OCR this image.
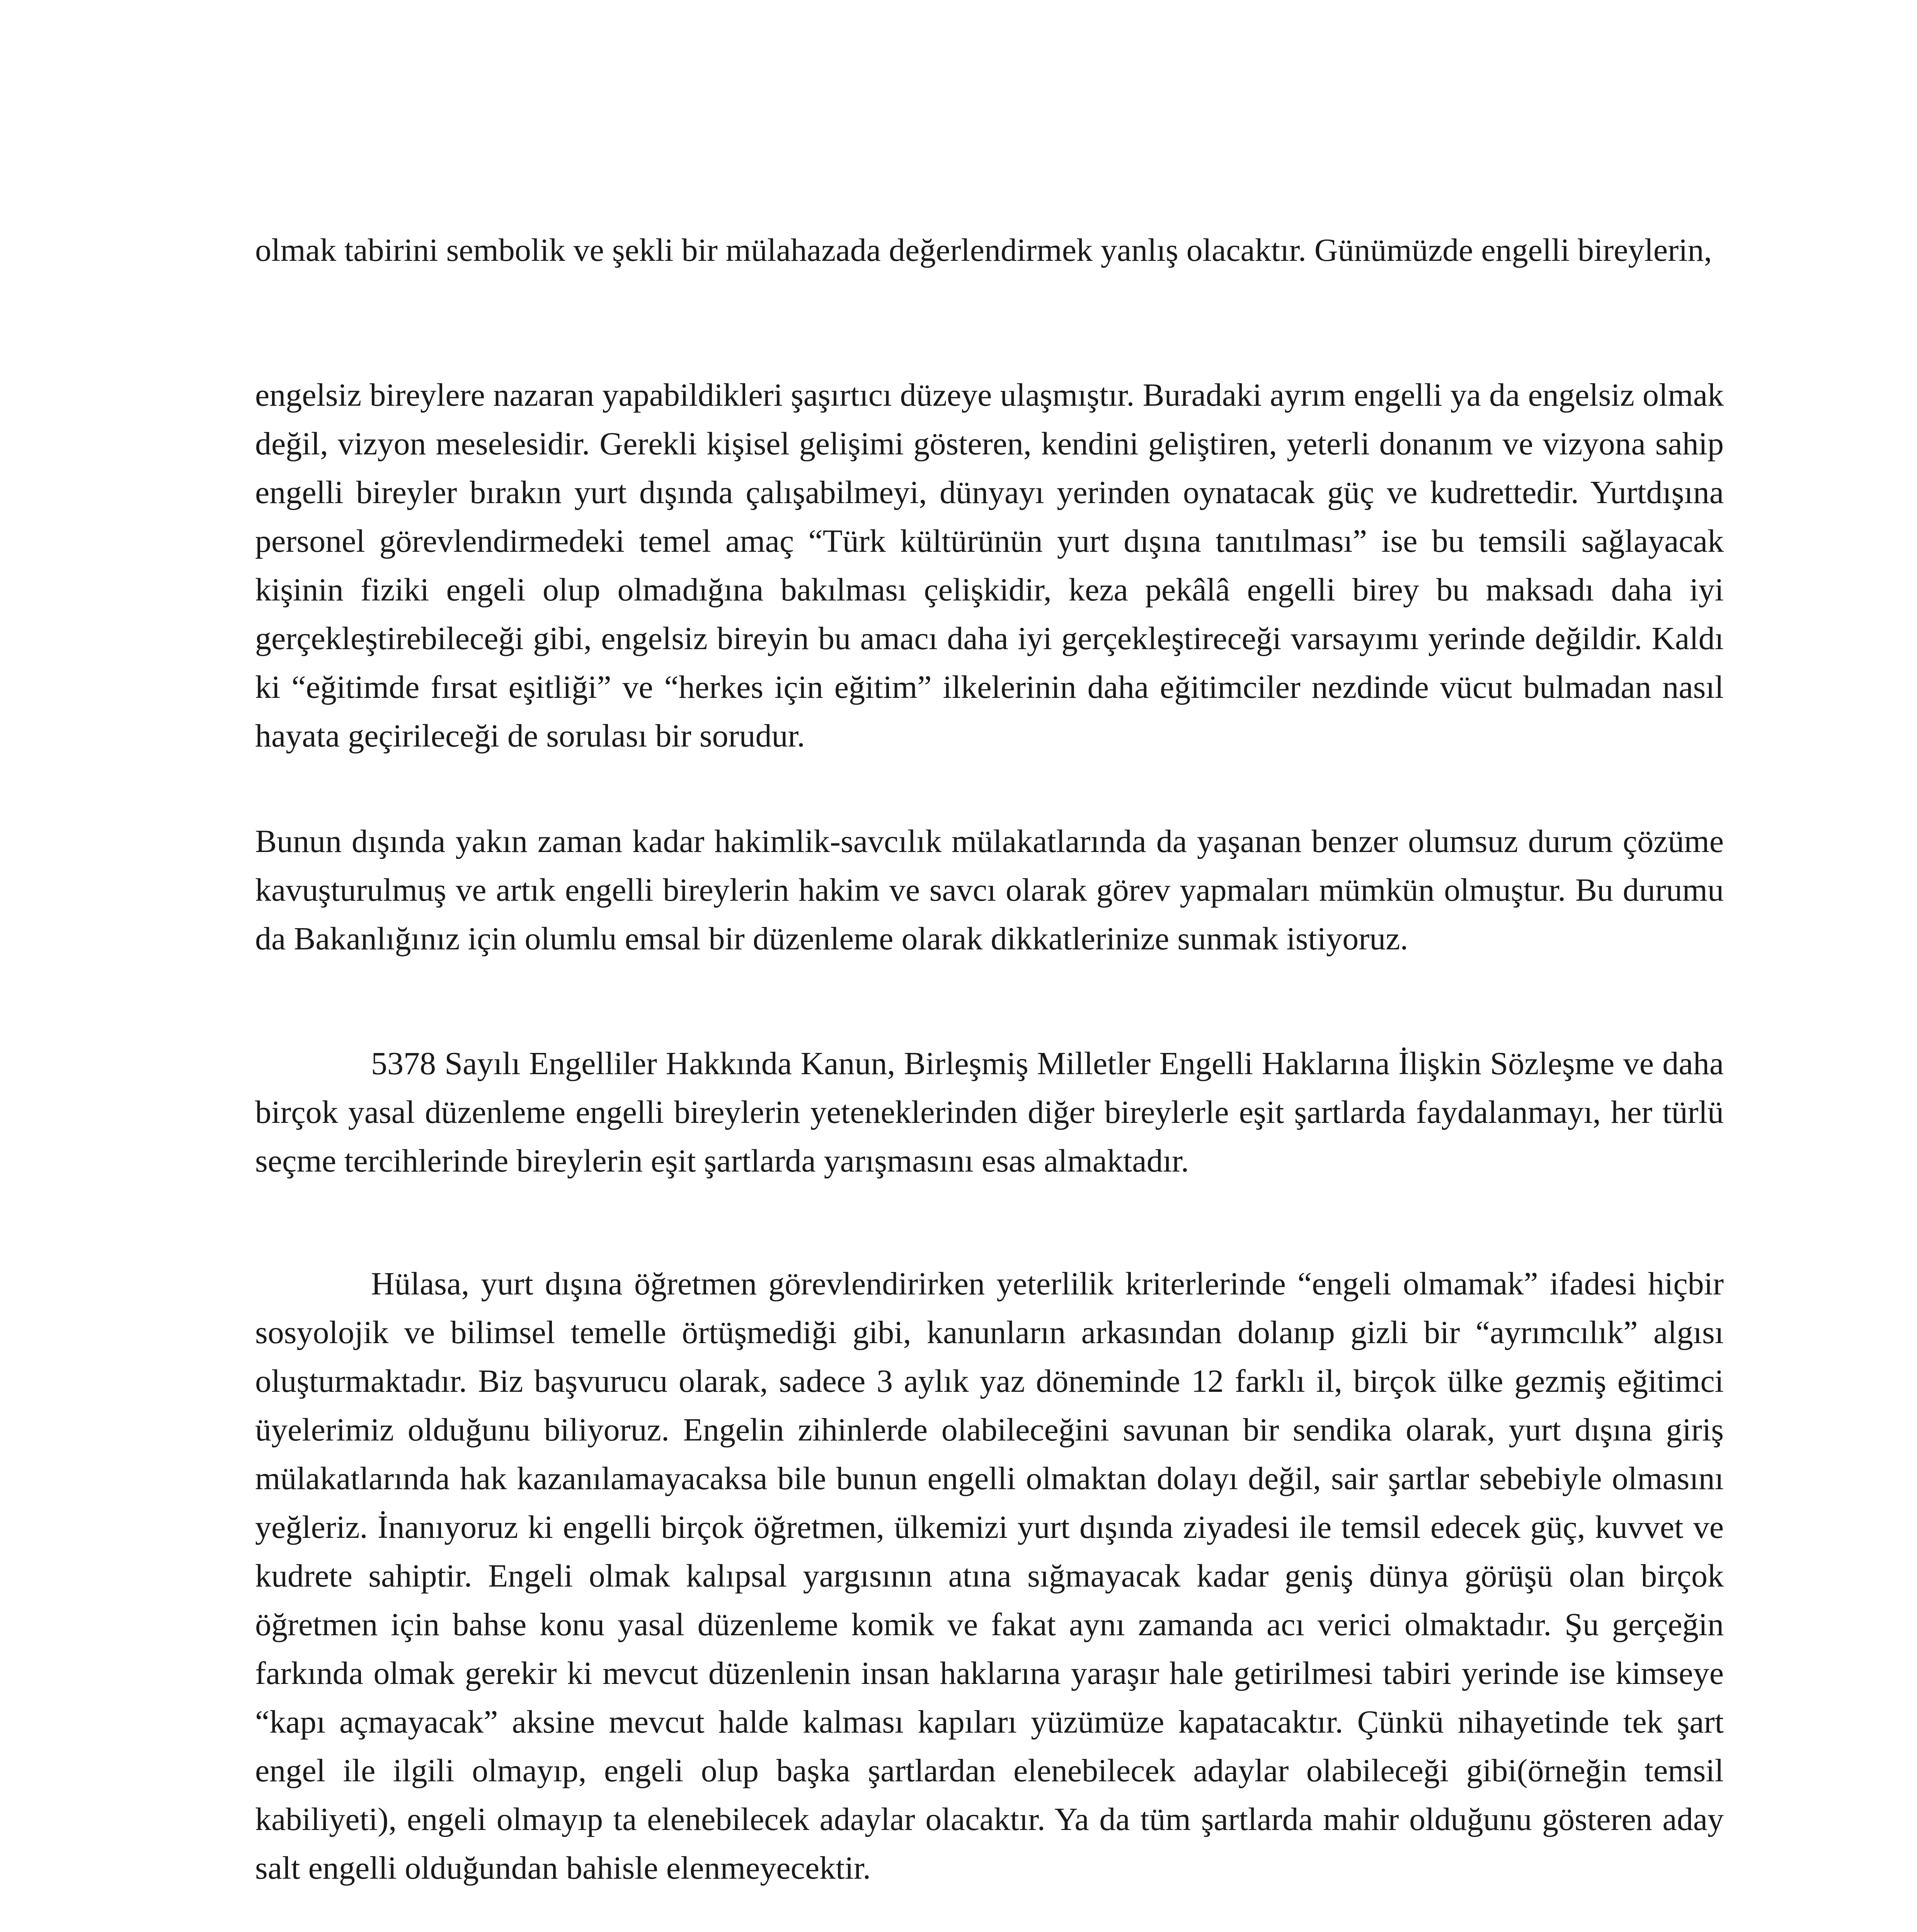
olmak tabirini sembolik ve şekli bir mülahazada değerlendirmek yanlış olacaktır. Günümüzde engelli bireylerin,

engelsiz bireylere nazaran yapabildikleri şaşırtıcı düzeye ulaşmıştır. Buradaki ayrım engelli ya da engelsiz olmak değil, vizyon meselesidir. Gerekli kişisel gelişimi gösteren, kendini geliştiren, yeterli donanım ve vizyona sahip engelli bireyler bırakın yurt dışında çalışabilmeyi, dünyayı yerinden oynatacak güç ve kudrettedir. Yurtdışına personel görevlendirmedeki temel amaç “Türk kültürünün yurt dışına tanıtılması” ise bu temsili sağlayacak kişinin fiziki engeli olup olmadığına bakılması çelişkidir, keza pekâlâ engelli birey bu maksadı daha iyi gerçekleştirebileceği gibi, engelsiz bireyin bu amacı daha iyi gerçekleştireceği varsayımı yerinde değildir. Kaldı ki “eğitimde fırsat eşitliği” ve “herkes için eğitim” ilkelerinin daha eğitimciler nezdinde vücut bulmadan nasıl hayata geçirileceği de sorulası bir sorudur.

Bunun dışında yakın zaman kadar hakimlik-savcılık mülakatlarında da yaşanan benzer olumsuz durum çözüme kavuşturulmuş ve artık engelli bireylerin hakim ve savcı olarak görev yapmaları mümkün olmuştur. Bu durumu da Bakanlığınız için olumlu emsal bir düzenleme olarak dikkatlerinize sunmak istiyoruz.

5378 Sayılı Engelliler Hakkında Kanun, Birleşmiş Milletler Engelli Haklarına İlişkin Sözleşme ve daha birçok yasal düzenleme engelli bireylerin yeteneklerinden diğer bireylerle eşit şartlarda faydalanmayı, her türlü seçme tercihlerinde bireylerin eşit şartlarda yarışmasını esas almaktadır.

Hülasa, yurt dışına öğretmen görevlendirirken yeterlilik kriterlerinde “engeli olmamak” ifadesi hiçbir sosyolojik ve bilimsel temelle örtüşmediği gibi, kanunların arkasından dolanıp gizli bir “ayrımcılık” algısı oluşturmaktadır. Biz başvurucu olarak, sadece 3 aylık yaz döneminde 12 farklı il, birçok ülke gezmiş eğitimci üyelerimiz olduğunu biliyoruz. Engelin zihinlerde olabileceğini savunan bir sendika olarak, yurt dışına giriş mülakatlarında hak kazanılamayacaksa bile bunun engelli olmaktan dolayı değil, sair şartlar sebebiyle olmasını yeğleriz. İnanıyoruz ki engelli birçok öğretmen, ülkemizi yurt dışında ziyadesi ile temsil edecek güç, kuvvet ve kudrete sahiptir. Engeli olmak kalıpsal yargısının atına sığmayacak kadar geniş dünya görüşü olan birçok öğretmen için bahse konu yasal düzenleme komik ve fakat aynı zamanda acı verici olmaktadır. Şu gerçeğin farkında olmak gerekir ki mevcut düzenlenin insan haklarına yaraşır hale getirilmesi tabiri yerinde ise kimseye “kapı açmayacak” aksine mevcut halde kalması kapıları yüzümüze kapatacaktır. Çünkü nihayetinde tek şart engel ile ilgili olmayıp, engeli olup başka şartlardan elenebilecek adaylar olabileceği gibi(örneğin temsil kabiliyeti), engeli olmayıp ta elenebilecek adaylar olacaktır. Ya da tüm şartlarda mahir olduğunu gösteren aday salt engelli olduğundan bahisle elenmeyecektir.
